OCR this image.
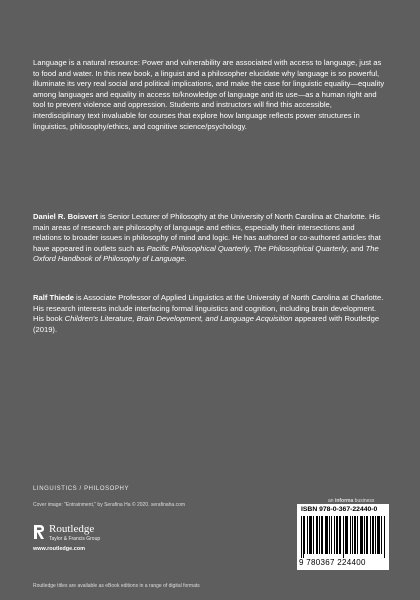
Language is a natural resource: Power and vulnerability are associated with access to language, just as to food and water. In this new book, a linguist and a philosopher elucidate why language is so powerful, illuminate its very real social and political implications, and make the case for linguistic equality—equality among languages and equality in access to/knowledge of language and its use—as a human right and tool to prevent violence and oppression. Students and instructors will find this accessible, interdisciplinary text invaluable for courses that explore how language reflects power structures in linguistics, philosophy/ethics, and cognitive science/psychology.

Daniel R. Boisvert is Senior Lecturer of Philosophy at the University of North Carolina at Charlotte. His main areas of research are philosophy of language and ethics, especially their intersections and relations to broader issues in philosophy of mind and logic. He has authored or co-authored articles that have appeared in outlets such as Pacific Philosophical Quarterly, The Philosophical Quarterly, and The Oxford Handbook of Philosophy of Language.

Ralf Thiede is Associate Professor of Applied Linguistics at the University of North Carolina at Charlotte. His research interests include interfacing formal linguistics and cognition, including brain development. His book Children's Literature, Brain Development, and Language Acquisition appeared with Routledge (2019).

LINGUISTICS / PHILOSOPHY
Cover image: "Entrainment," by Serafina Ha © 2020. serafinaha.com
Routledge
Taylor & Francis Group
www.routledge.com
an informa business
ISBN 978-0-367-22440-0
9 780367 224400
Routledge titles are available as eBook editions in a range of digital formats
